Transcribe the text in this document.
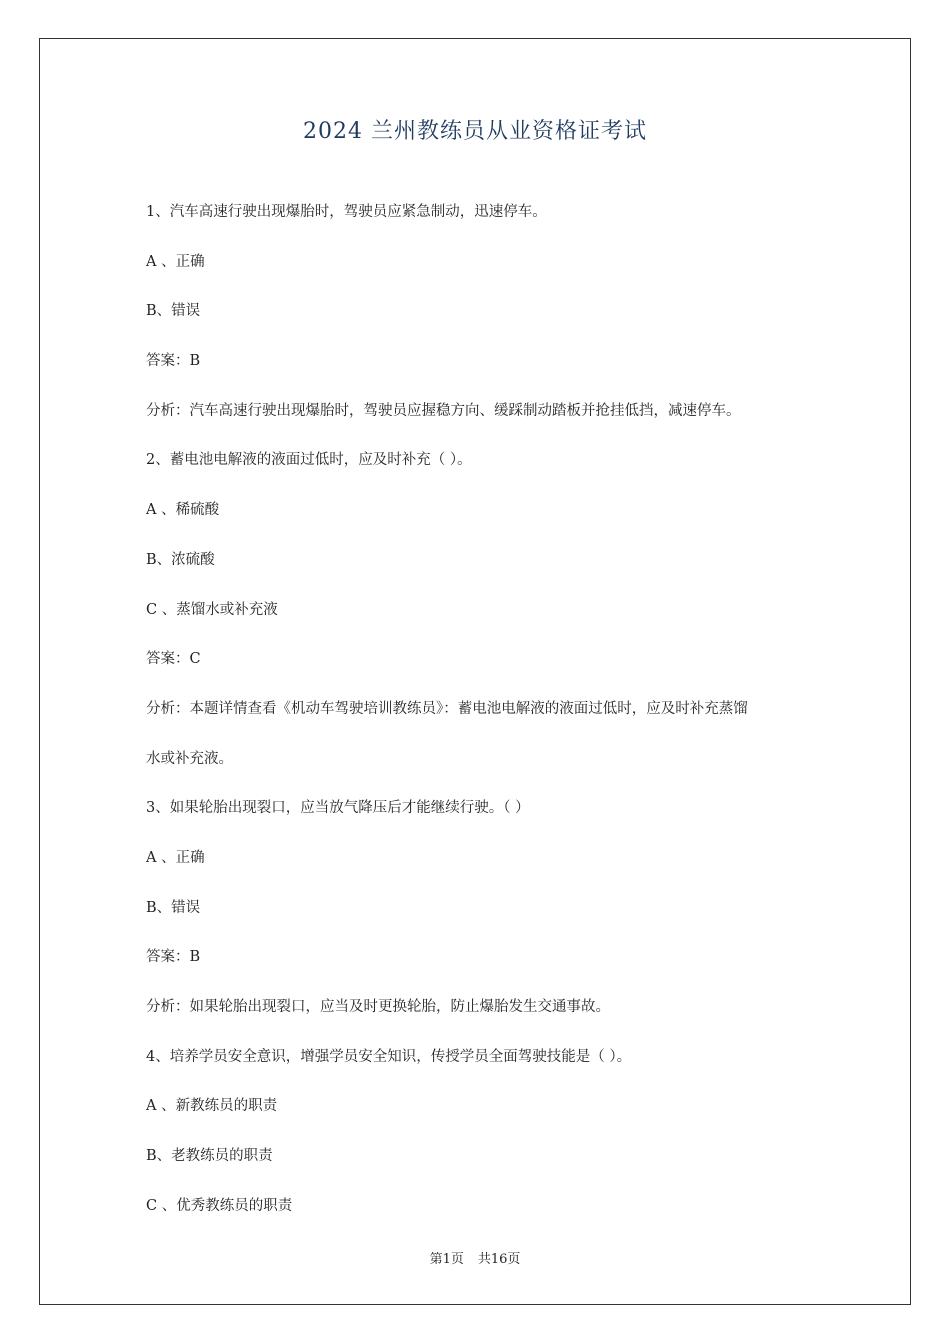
2024 兰州教练员从业资格证考试
1、汽车高速行驶出现爆胎时，驾驶员应紧急制动，迅速停车。
A 、正确
B、错误
答案：B
分析：汽车高速行驶出现爆胎时，驾驶员应握稳方向、缓踩制动踏板并抢挂低挡，减速停车。
2、蓄电池电解液的液面过低时，应及时补充（ ）。
A 、稀硫酸
B、浓硫酸
C 、蒸馏水或补充液
答案：C
分析：本题详情查看《机动车驾驶培训教练员》：蓄电池电解液的液面过低时，应及时补充蒸馏
水或补充液。
3、如果轮胎出现裂口，应当放气降压后才能继续行驶。（ ）
A 、正确
B、错误
答案：B
分析：如果轮胎出现裂口，应当及时更换轮胎，防止爆胎发生交通事故。
4、培养学员安全意识，增强学员安全知识，传授学员全面驾驶技能是（ ）。
A 、新教练员的职责
B、老教练员的职责
C 、优秀教练员的职责
第1页 共16页
